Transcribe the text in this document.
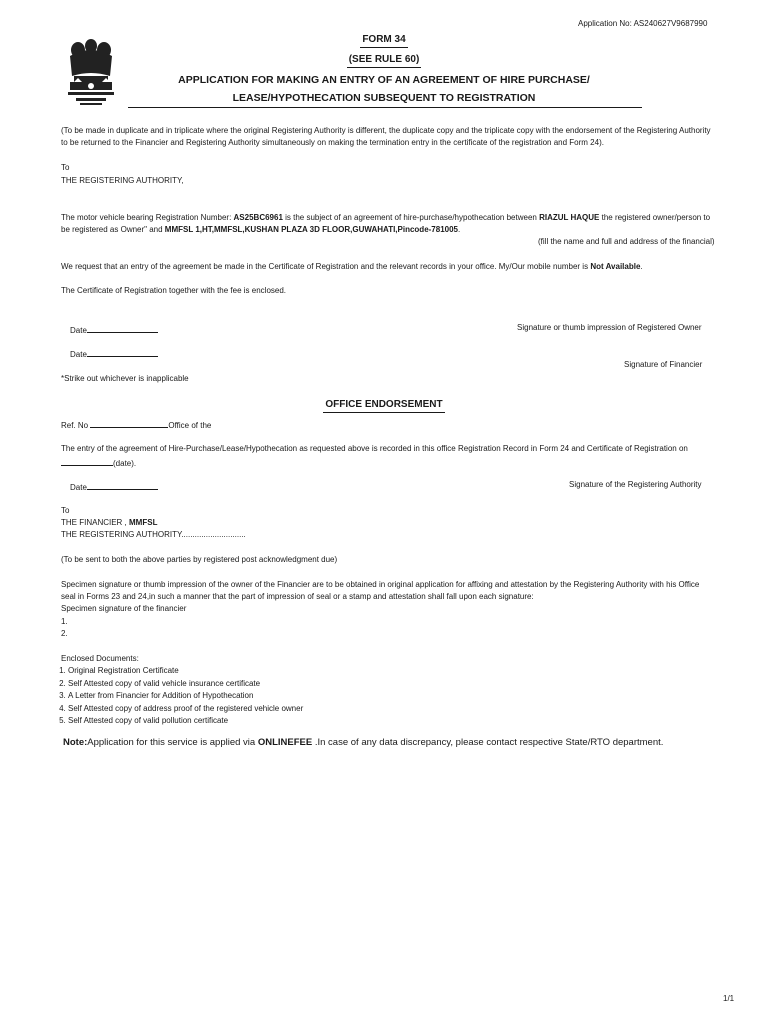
Application No: AS240627V9687990
FORM 34
(SEE RULE 60)
APPLICATION FOR MAKING AN ENTRY OF AN AGREEMENT OF HIRE PURCHASE/
LEASE/HYPOTHECATION SUBSEQUENT TO REGISTRATION
(To be made in duplicate and in triplicate where the original Registering Authority is different, the duplicate copy and the triplicate copy with the endorsement of the Registering Authority to be returned to the Financier and Registering Authority simultaneously on making the termination entry in the certificate of the registration and Form 24).
To
THE REGISTERING AUTHORITY,
The motor vehicle bearing Registration Number: AS25BC6961 is the subject of an agreement of hire-purchase/hypothecation between RIAZUL HAQUE the registered owner/person to be registered as Owner" and MMFSL 1,HT,MMFSL,KUSHAN PLAZA 3D FLOOR,GUWAHATI,Pincode-781005.
(fill the name and full and address of the financial)
We request that an entry of the agreement be made in the Certificate of Registration and the relevant records in your office. My/Our mobile number is Not Available.
The Certificate of Registration together with the fee is enclosed.
Date	Signature or thumb impression of Registered Owner
Date
Signature of Financier
*Strike out whichever is inapplicable
OFFICE ENDORSEMENT
Ref. No	Office of the
The entry of the agreement of Hire-Purchase/Lease/Hypothecation as requested above is recorded in this office Registration Record in Form 24 and Certificate of Registration on
(date).
Date	Signature of the Registering Authority
To
THE FINANCIER , MMFSL
THE REGISTERING AUTHORITY.............................
(To be sent to both the above parties by registered post acknowledgment due)
Specimen signature or thumb impression of the owner of the Financier are to be obtained in original application for affixing and attestation by the Registering Authority with his Office seal in Forms 23 and 24,in such a manner that the part of impression of seal or a stamp and attestation shall fall upon each signature:
Specimen signature of the financier
1.
2.
Enclosed Documents:
1. Original Registration Certificate
2. Self Attested copy of valid vehicle insurance certificate
3. A Letter from Financier for Addition of Hypothecation
4. Self Attested copy of address proof of the registered vehicle owner
5. Self Attested copy of valid pollution certificate
Note:Application for this service is applied via ONLINEFEE .In case of any data discrepancy, please contact respective State/RTO department.
1/1
